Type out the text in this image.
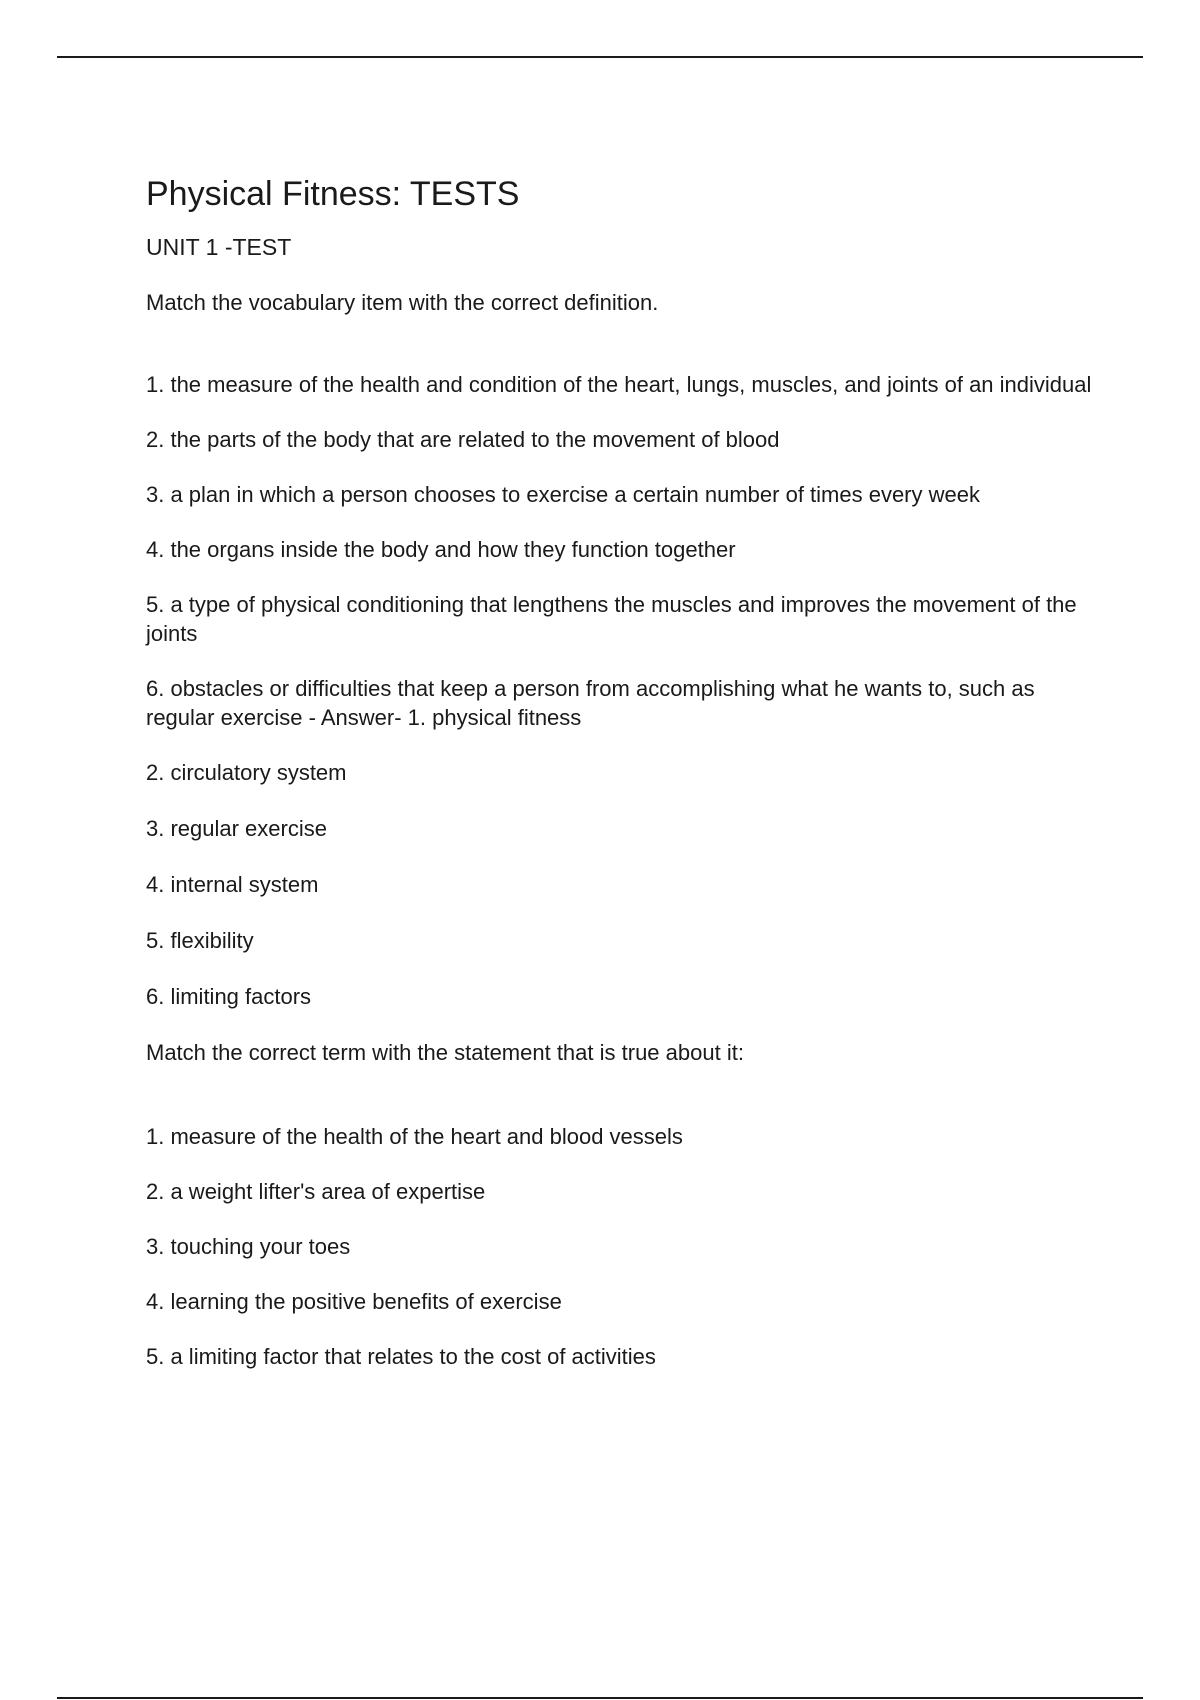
Physical Fitness: TESTS

UNIT 1 -TEST

Match the vocabulary item with the correct definition.

1. the measure of the health and condition of the heart, lungs, muscles, and joints of an individual
2. the parts of the body that are related to the movement of blood
3. a plan in which a person chooses to exercise a certain number of times every week
4. the organs inside the body and how they function together
5. a type of physical conditioning that lengthens the muscles and improves the movement of the joints
6. obstacles or difficulties that keep a person from accomplishing what he wants to, such as regular exercise - Answer- 1. physical fitness
2. circulatory system
3. regular exercise
4. internal system
5. flexibility
6. limiting factors

Match the correct term with the statement that is true about it:

1. measure of the health of the heart and blood vessels
2. a weight lifter's area of expertise
3. touching your toes
4. learning the positive benefits of exercise
5. a limiting factor that relates to the cost of activities
